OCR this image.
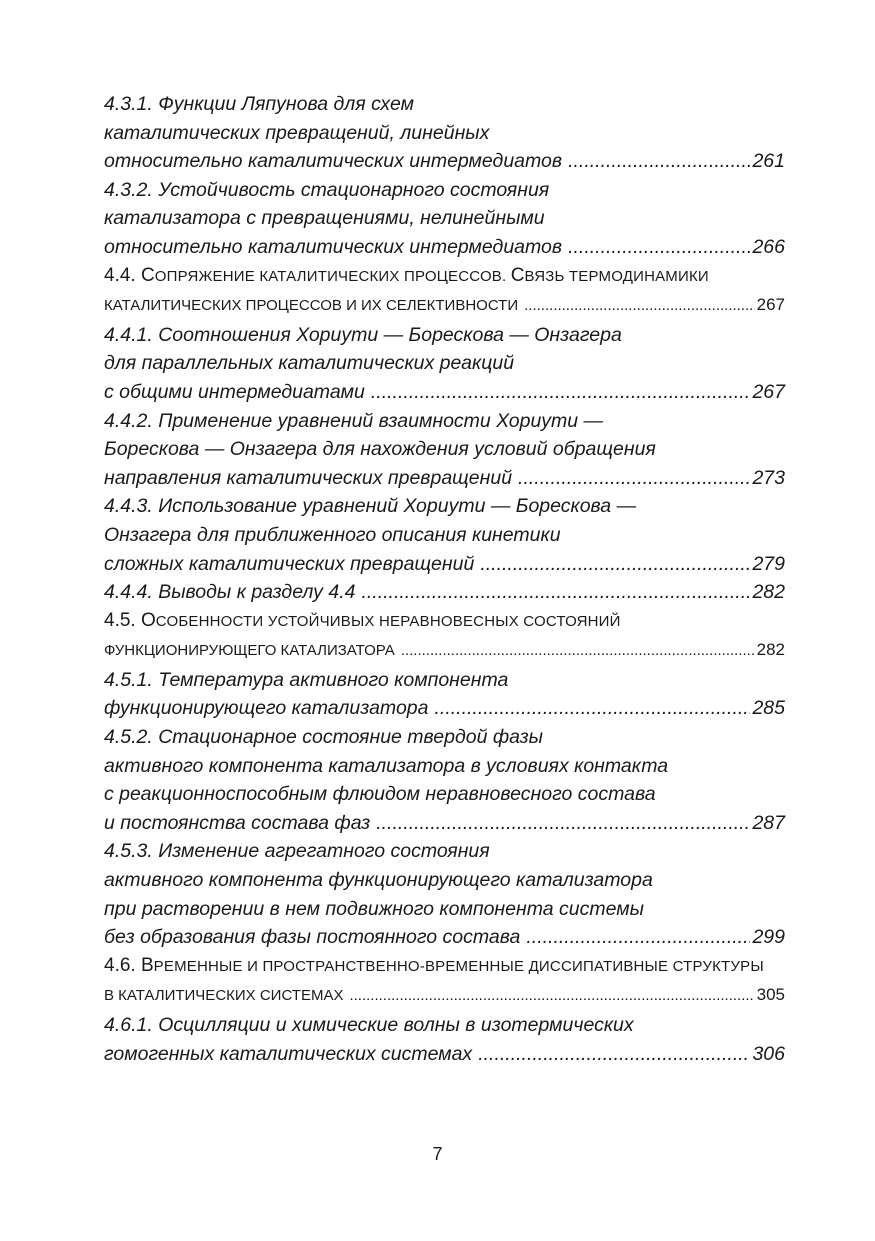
4.3.1. Функции Ляпунова для схем
каталитических превращений, линейных
относительно каталитических интермедиатов .....	261
4.3.2. Устойчивость стационарного состояния
катализатора с превращениями, нелинейными
относительно каталитических интермедиатов .....	266
4.4. СОПРЯЖЕНИЕ КАТАЛИТИЧЕСКИХ ПРОЦЕССОВ. СВЯЗЬ ТЕРМОДИНАМИКИ
КАТАЛИТИЧЕСКИХ ПРОЦЕССОВ И ИХ СЕЛЕКТИВНОСТИ .....	267
4.4.1. Соотношения Хориути — Борескова — Онзагера
для параллельных каталитических реакций
с общими интермедиатами .....	267
4.4.2. Применение уравнений взаимности Хориути —
Борескова — Онзагера для нахождения условий обращения
направления каталитических превращений .....	273
4.4.3. Использование уравнений Хориути — Борескова —
Онзагера для приближенного описания кинетики
сложных каталитических превращений .....	279
4.4.4. Выводы к разделу 4.4 .....	282
4.5. ОСОБЕННОСТИ УСТОЙЧИВЫХ НЕРАВНОВЕСНЫХ СОСТОЯНИЙ
ФУНКЦИОНИРУЮЩЕГО КАТАЛИЗАТОРА .....	282
4.5.1. Температура активного компонента
функционирующего катализатора .....	285
4.5.2. Стационарное состояние твердой фазы
активного компонента катализатора в условиях контакта
с реакционноспособным флюидом неравновесного состава
и постоянства состава фаз .....	287
4.5.3. Изменение агрегатного состояния
активного компонента функционирующего катализатора
при растворении в нем подвижного компонента системы
без образования фазы постоянного состава .....	299
4.6. ВРЕМЕННЫЕ И ПРОСТРАНСТВЕННО-ВРЕМЕННЫЕ ДИССИПАТИВНЫЕ СТРУКТУРЫ
В КАТАЛИТИЧЕСКИХ СИСТЕМАХ .....	305
4.6.1. Осцилляции и химические волны в изотермических
гомогенных каталитических системах .....	306
7
